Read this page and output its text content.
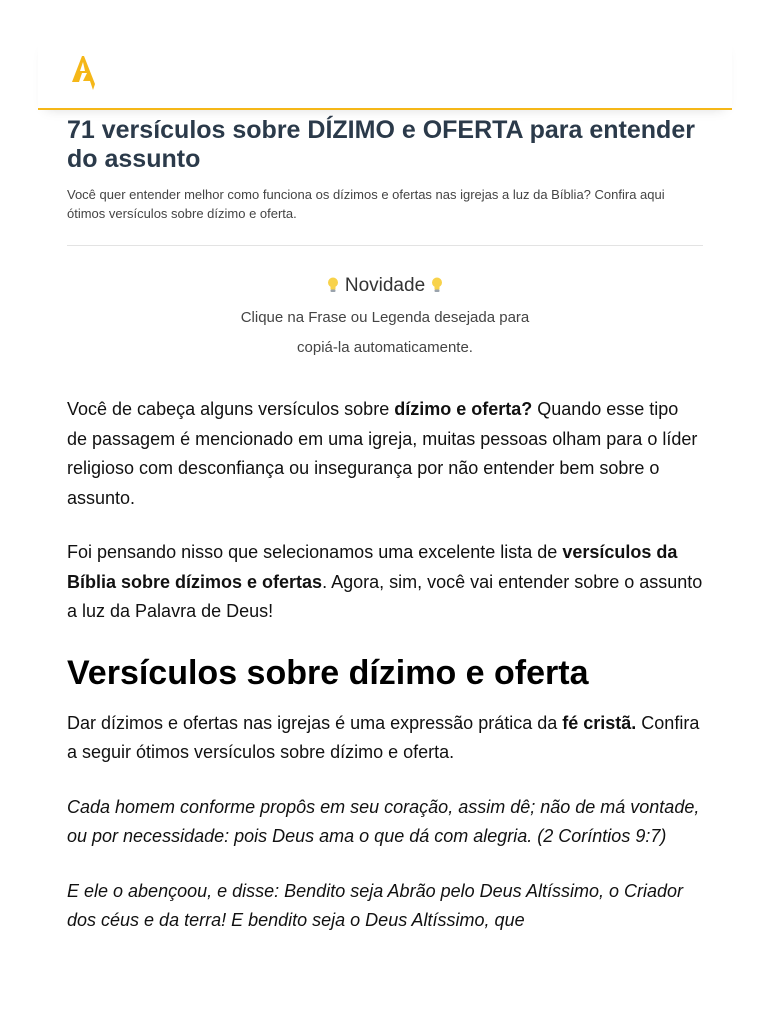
71 versículos sobre DÍZIMO e OFERTA para entender do assunto

Você quer entender melhor como funciona os dízimos e ofertas nas igrejas a luz da Bíblia? Confira aqui ótimos versículos sobre dízimo e oferta.

Novidade
Clique na Frase ou Legenda desejada para
copiá-la automaticamente.

Você de cabeça alguns versículos sobre dízimo e oferta? Quando esse tipo de passagem é mencionado em uma igreja, muitas pessoas olham para o líder religioso com desconfiança ou insegurança por não entender bem sobre o assunto.

Foi pensando nisso que selecionamos uma excelente lista de versículos da Bíblia sobre dízimos e ofertas. Agora, sim, você vai entender sobre o assunto a luz da Palavra de Deus!

Versículos sobre dízimo e oferta

Dar dízimos e ofertas nas igrejas é uma expressão prática da fé cristã. Confira a seguir ótimos versículos sobre dízimo e oferta.

Cada homem conforme propôs em seu coração, assim dê; não de má vontade, ou por necessidade: pois Deus ama o que dá com alegria. (2 Coríntios 9:7)

E ele o abençoou, e disse: Bendito seja Abrão pelo Deus Altíssimo, o Criador dos céus e da terra! E bendito seja o Deus Altíssimo, que
